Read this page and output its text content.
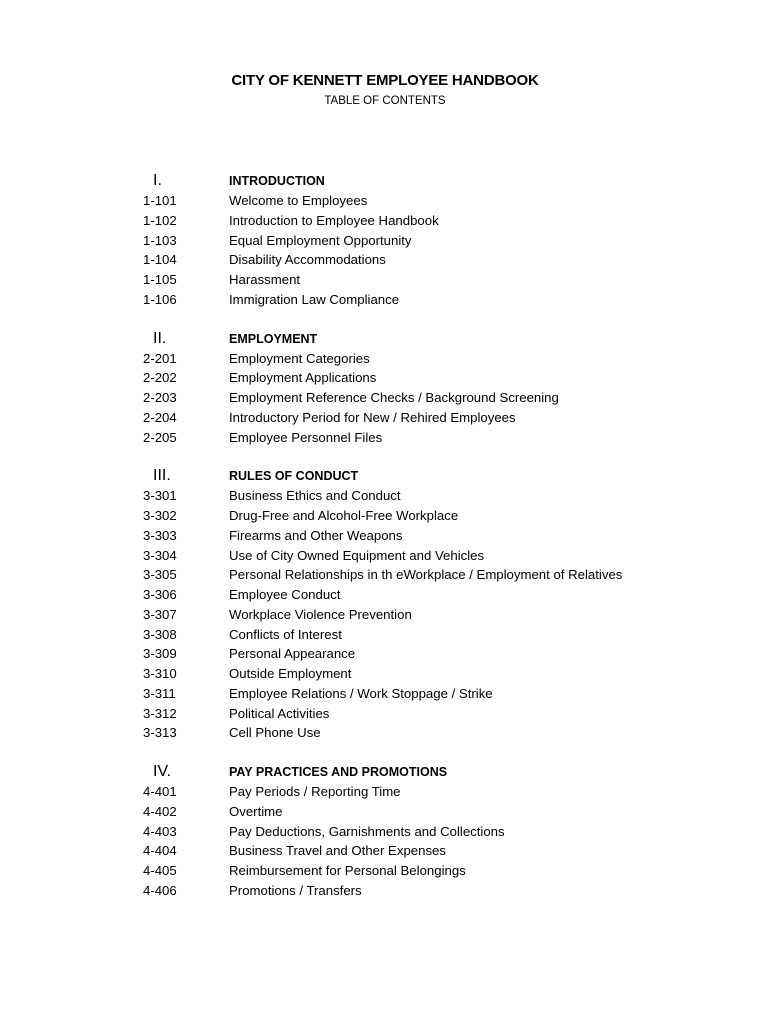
CITY OF KENNETT EMPLOYEE HANDBOOK
TABLE OF CONTENTS
I.	INTRODUCTION
1-101	Welcome to Employees
1-102	Introduction to Employee Handbook
1-103	Equal Employment Opportunity
1-104	Disability Accommodations
1-105	Harassment
1-106	Immigration Law Compliance
II.	EMPLOYMENT
2-201	Employment Categories
2-202	Employment Applications
2-203	Employment Reference Checks / Background Screening
2-204	Introductory Period for New / Rehired Employees
2-205	Employee Personnel Files
III.	RULES OF CONDUCT
3-301	Business Ethics and Conduct
3-302	Drug-Free and Alcohol-Free Workplace
3-303	Firearms and Other Weapons
3-304	Use of City Owned Equipment and Vehicles
3-305	Personal Relationships in th eWorkplace / Employment of Relatives
3-306	Employee Conduct
3-307	Workplace Violence Prevention
3-308	Conflicts of Interest
3-309	Personal Appearance
3-310	Outside Employment
3-311	Employee Relations / Work Stoppage / Strike
3-312	Political Activities
3-313	Cell Phone Use
IV.	PAY PRACTICES AND PROMOTIONS
4-401	Pay Periods / Reporting Time
4-402	Overtime
4-403	Pay Deductions, Garnishments and Collections
4-404	Business Travel and Other Expenses
4-405	Reimbursement for Personal Belongings
4-406	Promotions / Transfers
